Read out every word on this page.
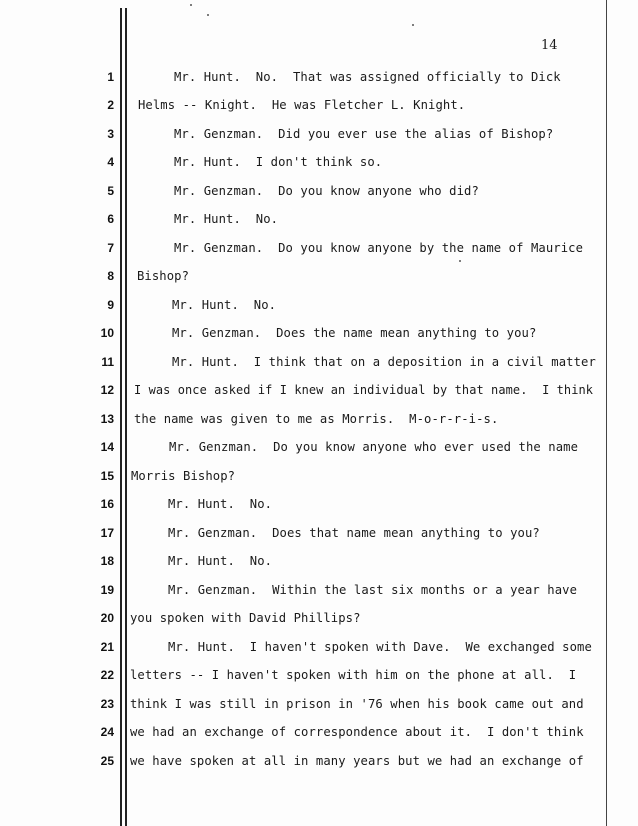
14
1
2
3
4
5
6
7
8
9
10
11
12
13
14
15
16
17
18
19
20
21
22
23
24
25
Mr. Hunt.  No.  That was assigned officially to Dick
Helms -- Knight.  He was Fletcher L. Knight.
Mr. Genzman.  Did you ever use the alias of Bishop?
Mr. Hunt.  I don't think so.
Mr. Genzman.  Do you know anyone who did?
Mr. Hunt.  No.
Mr. Genzman.  Do you know anyone by the name of Maurice
Bishop?
Mr. Hunt.  No.
Mr. Genzman.  Does the name mean anything to you?
Mr. Hunt.  I think that on a deposition in a civil matter
I was once asked if I knew an individual by that name.  I think
the name was given to me as Morris.  M-o-r-r-i-s.
Mr. Genzman.  Do you know anyone who ever used the name
Morris Bishop?
Mr. Hunt.  No.
Mr. Genzman.  Does that name mean anything to you?
Mr. Hunt.  No.
Mr. Genzman.  Within the last six months or a year have
you spoken with David Phillips?
Mr. Hunt.  I haven't spoken with Dave.  We exchanged some
letters -- I haven't spoken with him on the phone at all.  I
think I was still in prison in '76 when his book came out and
we had an exchange of correspondence about it.  I don't think
we have spoken at all in many years but we had an exchange of
